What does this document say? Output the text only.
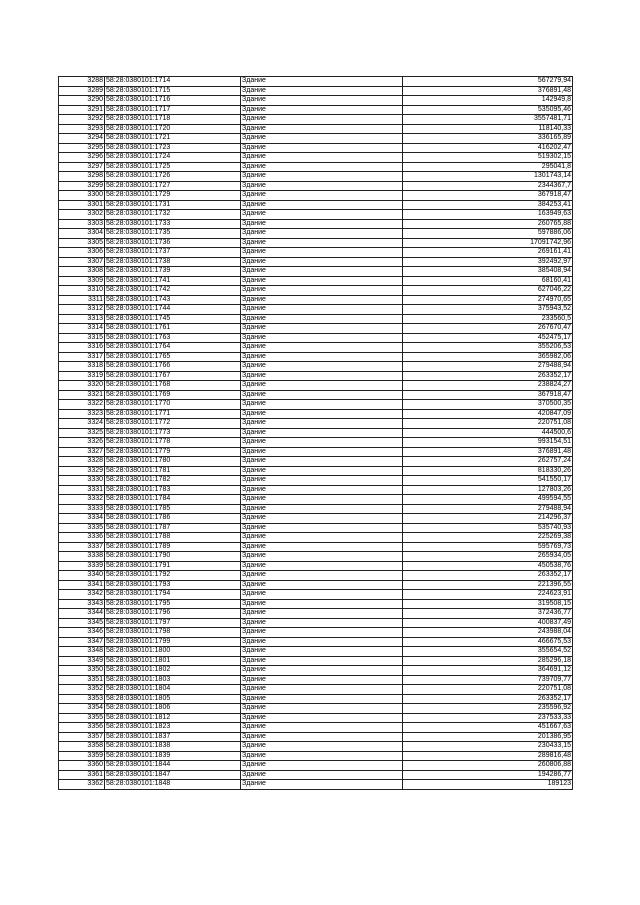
3288	58:28:0380101:1714	Здание	567279,94
3289	58:28:0380101:1715	Здание	376891,48
3290	58:28:0380101:1716	Здание	142949,8
3291	58:28:0380101:1717	Здание	535095,46
3292	58:28:0380101:1718	Здание	3557481,71
3293	58:28:0380101:1720	Здание	118140,33
3294	58:28:0380101:1721	Здание	336165,89
3295	58:28:0380101:1723	Здание	416202,47
3296	58:28:0380101:1724	Здание	519302,15
3297	58:28:0380101:1725	Здание	295041,8
3298	58:28:0380101:1726	Здание	1301743,14
3299	58:28:0380101:1727	Здание	2344367,7
3300	58:28:0380101:1729	Здание	367918,47
3301	58:28:0380101:1731	Здание	384253,41
3302	58:28:0380101:1732	Здание	163949,63
3303	58:28:0380101:1733	Здание	260765,88
3304	58:28:0380101:1735	Здание	597886,06
3305	58:28:0380101:1736	Здание	17091742,96
3306	58:28:0380101:1737	Здание	269161,41
3307	58:28:0380101:1738	Здание	392492,97
3308	58:28:0380101:1739	Здание	385408,94
3309	58:28:0380101:1741	Здание	68160,41
3310	58:28:0380101:1742	Здание	627046,22
3311	58:28:0380101:1743	Здание	274970,65
3312	58:28:0380101:1744	Здание	375943,52
3313	58:28:0380101:1745	Здание	233560,5
3314	58:28:0380101:1761	Здание	267670,47
3315	58:28:0380101:1763	Здание	452475,17
3316	58:28:0380101:1764	Здание	355206,53
3317	58:28:0380101:1765	Здание	365982,06
3318	58:28:0380101:1766	Здание	279488,94
3319	58:28:0380101:1767	Здание	263352,17
3320	58:28:0380101:1768	Здание	238824,27
3321	58:28:0380101:1769	Здание	367918,47
3322	58:28:0380101:1770	Здание	370500,35
3323	58:28:0380101:1771	Здание	420847,09
3324	58:28:0380101:1772	Здание	220751,08
3325	58:28:0380101:1773	Здание	444500,6
3326	58:28:0380101:1778	Здание	993154,51
3327	58:28:0380101:1779	Здание	376891,48
3328	58:28:0380101:1780	Здание	262757,24
3329	58:28:0380101:1781	Здание	818330,26
3330	58:28:0380101:1782	Здание	541550,17
3331	58:28:0380101:1783	Здание	127803,26
3332	58:28:0380101:1784	Здание	499594,55
3333	58:28:0380101:1785	Здание	279488,94
3334	58:28:0380101:1786	Здание	214296,37
3335	58:28:0380101:1787	Здание	535740,93
3336	58:28:0380101:1788	Здание	225269,38
3337	58:28:0380101:1789	Здание	595769,73
3338	58:28:0380101:1790	Здание	265934,05
3339	58:28:0380101:1791	Здание	450538,76
3340	58:28:0380101:1792	Здание	263352,17
3341	58:28:0380101:1793	Здание	221396,55
3342	58:28:0380101:1794	Здание	224623,91
3343	58:28:0380101:1795	Здание	319508,15
3344	58:28:0380101:1796	Здание	372436,77
3345	58:28:0380101:1797	Здание	400837,49
3346	58:28:0380101:1798	Здание	243988,04
3347	58:28:0380101:1799	Здание	466675,53
3348	58:28:0380101:1800	Здание	355654,52
3349	58:28:0380101:1801	Здание	285296,18
3350	58:28:0380101:1802	Здание	364691,12
3351	58:28:0380101:1803	Здание	739709,77
3352	58:28:0380101:1804	Здание	220751,08
3353	58:28:0380101:1805	Здание	263352,17
3354	58:28:0380101:1806	Здание	235596,92
3355	58:28:0380101:1812	Здание	237533,33
3356	58:28:0380101:1823	Здание	451667,63
3357	58:28:0380101:1837	Здание	201386,95
3358	58:28:0380101:1838	Здание	230433,15
3359	58:28:0380101:1839	Здание	289816,48
3360	58:28:0380101:1844	Здание	260806,88
3361	58:28:0380101:1847	Здание	194286,77
3362	58:28:0380101:1848	Здание	189123
